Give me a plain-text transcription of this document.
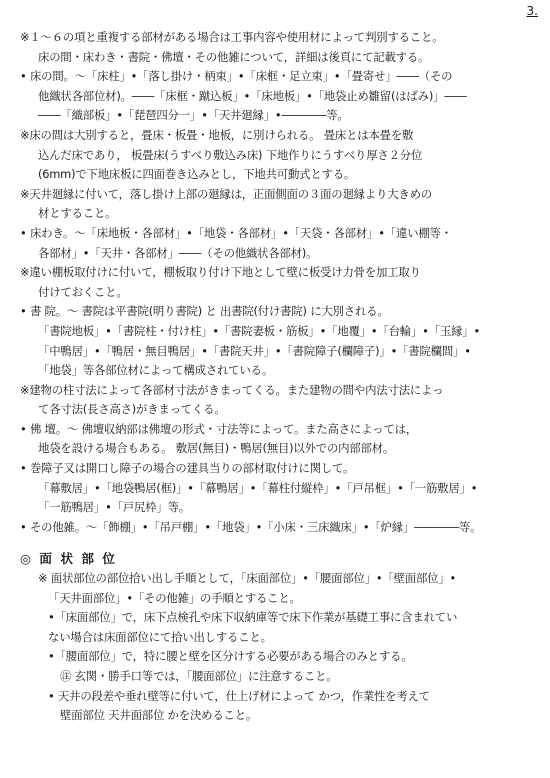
3.
※１～６の項と重複する部材がある場合は工事内容や使用材によって判別すること。
床の間・床わき・書院・佛壇・その他雑について，詳細は後頁にて記載する。
• 床の間。～「床柱」•「落し掛け・柄束」•「床框・足立束」•「畳寄せ」――（その
他織状各部位材)。――「床框・蹴込板」•「床地板」•「地袋止め雛留(はばみ)」――
――「織部板」•「琵琶四分一」•「天井廻縁」•――――等。
※床の間は大別すると，畳床・板畳・地板，に別けられる。 畳床とは本畳を敷
込んだ床であり， 板畳床(うすべり敷込み床) 下地作りにうすべり厚さ２分位
(6mm)で下地床板に四面巻き込みとし，下地共可動式とする。
※天井廻縁に付いて，落し掛け上部の廻縁は，正面側面の３面の廻縁より大きめの
材とすること。
• 床わき。～「床地板・各部材」•「地袋・各部材」•「天袋・各部材」•「違い棚等・
各部材」•「天井・各部材」――（その他織状各部材)。
※違い棚板取付けに付いて，棚板取り付け下地として壁に板受け力骨を加工取り
付けておくこと。
• 書 院。～ 書院は平書院(明り書院) と 出書院(付け書院) に大別される。
「書院地板」•「書院柱・付け柱」•「書院妻板・筋板」•「地覆」•「台輪」•「玉縁」•
「中鴨居」•「鴨居・無目鴨居」•「書院天井」•「書院障子(欄障子)」•「書院欄間」•
「地袋」等各部位材によって構成されている。
※建物の柱寸法によって各部材寸法がきまってくる。また建物の間や内法寸法によっ
て各寸法(長さ高さ)がきまってくる。
• 佛 壇。～ 佛壇収納部は佛壇の形式・寸法等によって。また高さによっては，
地袋を設ける場合もある。 敷居(無目)・鴨居(無目)以外での内部部材。
• 巻障子又は開口し障子の場合の建具当りの部材取付けに関して。
「幕敷居」•「地袋鴨居(框)」•「幕鴨居」•「幕柱付縦枠」•「戸吊框」•「一筋敷居」•
「一筋鴨居」•「戸尻枠」等。
• その他雑。～「飾棚」•「吊戸棚」•「地袋」•「小床・三床織床」•「炉縁」――――等。
◎ 面 状 部 位
※ 面状部位の部位拾い出し手順として，「床面部位」•「腰面部位」•「壁面部位」•
「天井面部位」•「その他雑」の手順とすること。
•「床面部位」で，床下点検孔や床下収納庫等で床下作業が基礎工事に含まれてい
ない場合は床面部位にて拾い出しすること。
•「腰面部位」で，特に腰と壁を区分けする必要がある場合のみとする。
㊟ 玄関・勝手口等では，「腰面部位」に注意すること。
• 天井の段差や垂れ壁等に付いて，仕上げ材によって かつ，作業性を考えて
壁面部位 天井面部位 かを決めること。
